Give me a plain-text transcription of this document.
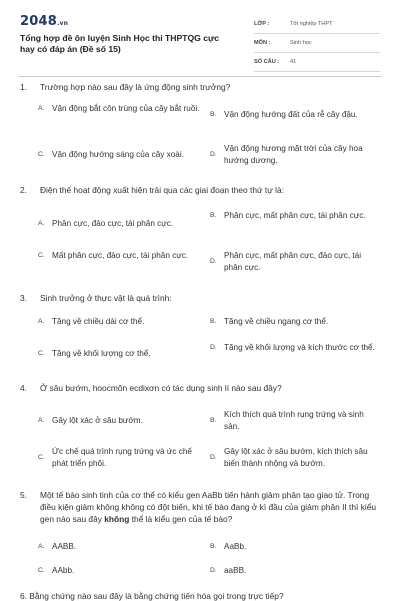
2048.vn
Tổng hợp đề ôn luyện Sinh Học thi THPTQG cực hay có đáp án (Đề số 15)
LỚP :	Tốt nghiệp THPT
MÔN :	Sinh học
SỐ CÂU :	41
1.	Trường hợp nào sau đây là ứng động sinh trưởng?
A. Vận động bắt côn trùng của cây bắt ruồi.
B. Vận động hướng đất của rễ cây đậu.
C. Vận động hướng sáng của cây xoài.	D.
Vận động hương mặt trời của cây hoa hướng dương.
2.	Điện thế hoạt động xuất hiện trải qua các giai đoạn theo thứ tự là:
A. Phân cực, đảo cực, tái phân cực.
B. Phân cực, mất phân cực, tái phân cực.
C. Mất phân cực, đảo cực, tái phân cực.
D.
Phân cực, mất phân cực, đảo cực, tái phân cực.
3.	Sinh trưởng ở thực vật là quá trình:
A. Tăng về chiều dài cơ thể.	B. Tăng về chiều ngang cơ thể.
C. Tăng về khối lượng cơ thể.
D. Tăng về khối lượng và kích thước cơ thể.
4.	Ở sâu bướm, hoocmôn ecdixơn có tác dụng sinh lí nào sau đây?
A. Gây lột xác ở sâu bướm.	B.
Kích thích quá trình rụng trứng và sinh sản.
C.
Ức chế quá trình rụng trứng và ức chế phát triển phôi.
D.
Gây lột xác ở sâu bướm, kích thích sâu biến thành nhộng và bướm.
5.	Một tế bào sinh tinh của cơ thể có kiểu gen AaBb tiến hành giảm phân tạo giao tử. Trong điều kiện giảm không không có đột biến, khi tế bào đang ở kì đầu của giảm phân II thì kiểu gen nào sau đây không thể là kiểu gen của tế bào?
A. AABB.	B. AaBb.
C. AAbb.	D. aaBB.
6. Bằng chứng nào sau đây là bằng chứng tiến hóa gọi trong trực tiếp?
